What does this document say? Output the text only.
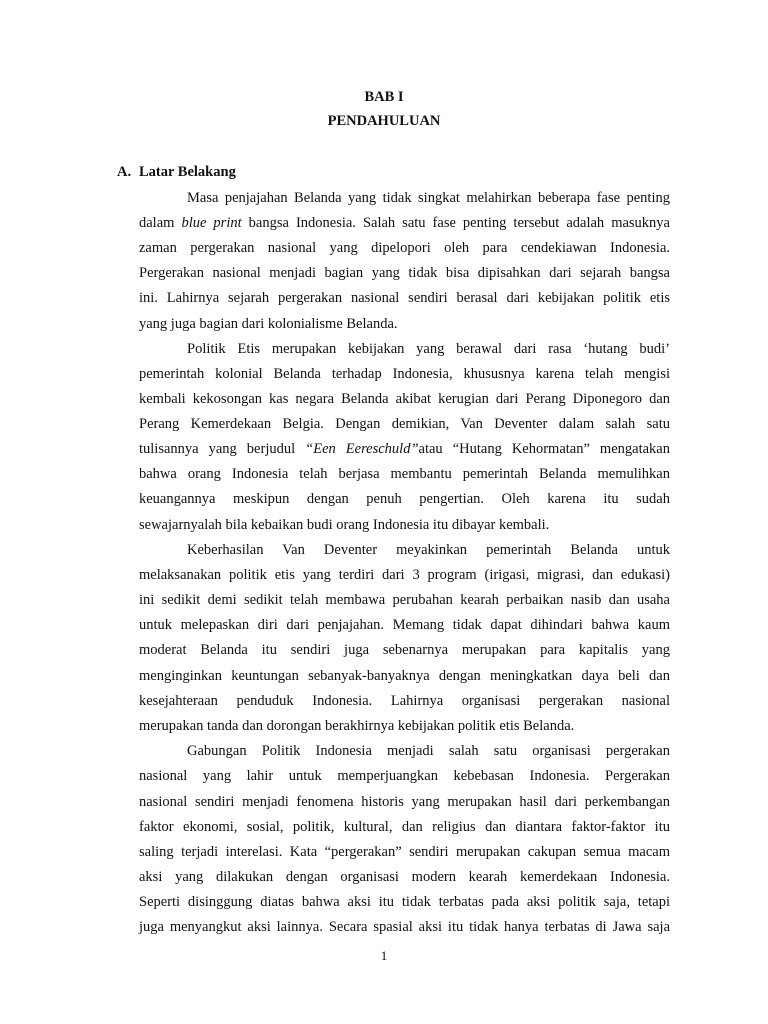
BAB I
PENDAHULUAN
A. Latar Belakang
Masa penjajahan Belanda yang tidak singkat melahirkan beberapa fase penting
dalam blue print bangsa Indonesia. Salah satu fase penting tersebut adalah masuknya
zaman pergerakan nasional yang dipelopori oleh para cendekiawan Indonesia.
Pergerakan nasional menjadi bagian yang tidak bisa dipisahkan dari sejarah bangsa
ini. Lahirnya sejarah pergerakan nasional sendiri berasal dari kebijakan politik etis
yang juga bagian dari kolonialisme Belanda.
Politik Etis merupakan kebijakan yang berawal dari rasa ‘hutang budi’
pemerintah kolonial Belanda terhadap Indonesia, khususnya karena telah mengisi
kembali kekosongan kas negara Belanda akibat kerugian dari Perang Diponegoro dan
Perang Kemerdekaan Belgia. Dengan demikian, Van Deventer dalam salah satu
tulisannya yang berjudul “Een Eereschuld”atau “Hutang Kehormatan” mengatakan
bahwa orang Indonesia telah berjasa membantu pemerintah Belanda memulihkan
keuangannya meskipun dengan penuh pengertian. Oleh karena itu sudah
sewajarnyalah bila kebaikan budi orang Indonesia itu dibayar kembali.
Keberhasilan Van Deventer meyakinkan pemerintah Belanda untuk
melaksanakan politik etis yang terdiri dari 3 program (irigasi, migrasi, dan edukasi)
ini sedikit demi sedikit telah membawa perubahan kearah perbaikan nasib dan usaha
untuk melepaskan diri dari penjajahan. Memang tidak dapat dihindari bahwa kaum
moderat Belanda itu sendiri juga sebenarnya merupakan para kapitalis yang
menginginkan keuntungan sebanyak-banyaknya dengan meningkatkan daya beli dan
kesejahteraan penduduk Indonesia. Lahirnya organisasi pergerakan nasional
merupakan tanda dan dorongan berakhirnya kebijakan politik etis Belanda.
Gabungan Politik Indonesia menjadi salah satu organisasi pergerakan
nasional yang lahir untuk memperjuangkan kebebasan Indonesia. Pergerakan
nasional sendiri menjadi fenomena historis yang merupakan hasil dari perkembangan
faktor ekonomi, sosial, politik, kultural, dan religius dan diantara faktor-faktor itu
saling terjadi interelasi. Kata “pergerakan” sendiri merupakan cakupan semua macam
aksi yang dilakukan dengan organisasi modern kearah kemerdekaan Indonesia.
Seperti disinggung diatas bahwa aksi itu tidak terbatas pada aksi politik saja, tetapi
juga menyangkut aksi lainnya. Secara spasial aksi itu tidak hanya terbatas di Jawa saja
1
